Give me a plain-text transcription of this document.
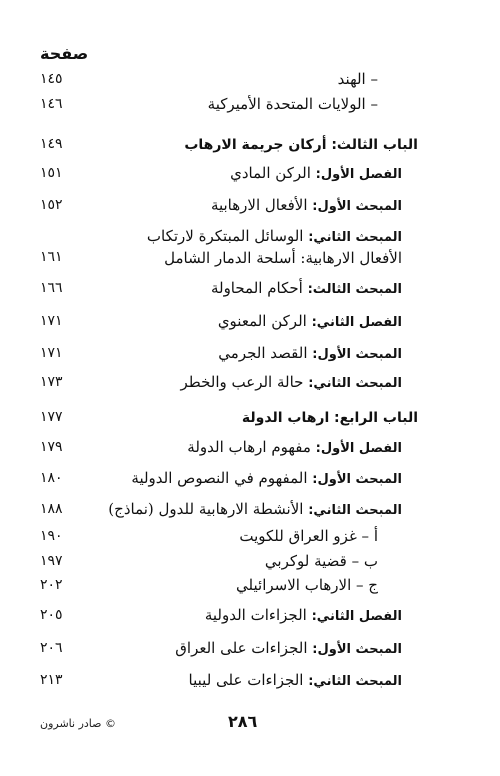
صفحة
– الهند
١٤٥
– الولايات المتحدة الأميركية
١٤٦
الباب الثالث: أركان جريمة الارهاب
١٤٩
الفصل الأول: الركن المادي
١٥١
المبحث الأول: الأفعال الارهابية
١٥٢
المبحث الثاني: الوسائل المبتكرة لارتكاب الأفعال الارهابية: أسلحة الدمار الشامل
١٦١
المبحث الثالث: أحكام المحاولة
١٦٦
الفصل الثاني: الركن المعنوي
١٧١
المبحث الأول: القصد الجرمي
١٧١
المبحث الثاني: حالة الرعب والخطر
١٧٣
الباب الرابع: ارهاب الدولة
١٧٧
الفصل الأول: مفهوم ارهاب الدولة
١٧٩
المبحث الأول: المفهوم في النصوص الدولية
١٨٠
المبحث الثاني: الأنشطة الارهابية للدول (نماذج)
١٨٨
أ – غزو العراق للكويت
١٩٠
ب – قضية لوكربي
١٩٧
ج – الارهاب الاسرائيلي
٢٠٢
الفصل الثاني: الجزاءات الدولية
٢٠٥
المبحث الأول: الجزاءات على العراق
٢٠٦
المبحث الثاني: الجزاءات على ليبيا
٢١٣
© صادر ناشرون	٢٨٦
